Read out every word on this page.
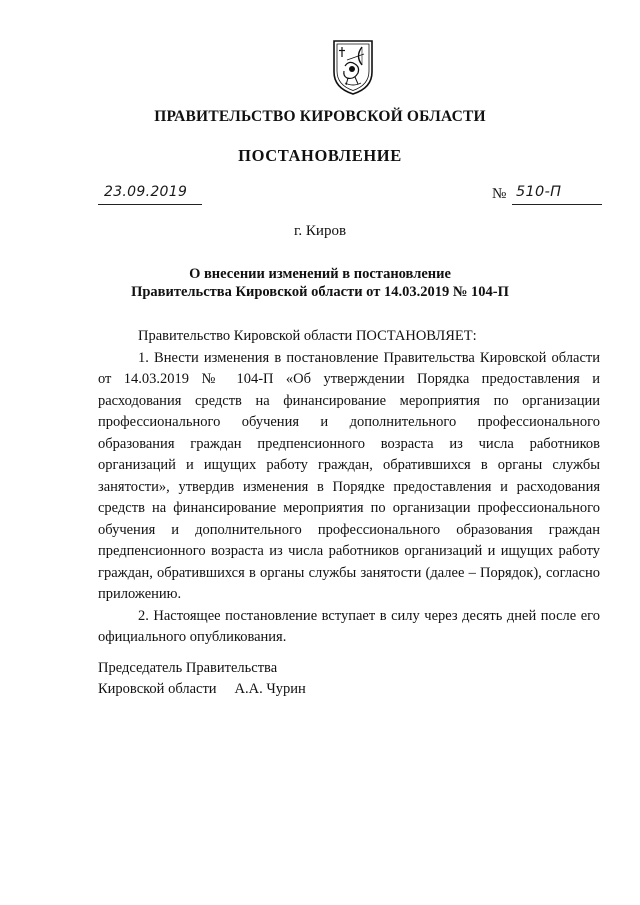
ПРАВИТЕЛЬСТВО КИРОВСКОЙ ОБЛАСТИ
ПОСТАНОВЛЕНИЕ
23.09.2019	№ 510-П
г. Киров
О внесении изменений в постановление
Правительства Кировской области от 14.03.2019 № 104-П

Правительство Кировской области ПОСТАНОВЛЯЕТ:

1. Внести изменения в постановление Правительства Кировской области от 14.03.2019 № 104-П «Об утверждении Порядка предоставления и расходования средств на финансирование мероприятия по организации профессионального обучения и дополнительного профессионального образования граждан предпенсионного возраста из числа работников организаций и ищущих работу граждан, обратившихся в органы службы занятости», утвердив изменения в Порядке предоставления и расходования средств на финансирование мероприятия по организации профессионального обучения и дополнительного профессионального образования граждан предпенсионного возраста из числа работников организаций и ищущих работу граждан, обратившихся в органы службы занятости (далее – Порядок), согласно приложению.

2. Настоящее постановление вступает в силу через десять дней после его официального опубликования.

Председатель Правительства
Кировской области А.А. Чурин
